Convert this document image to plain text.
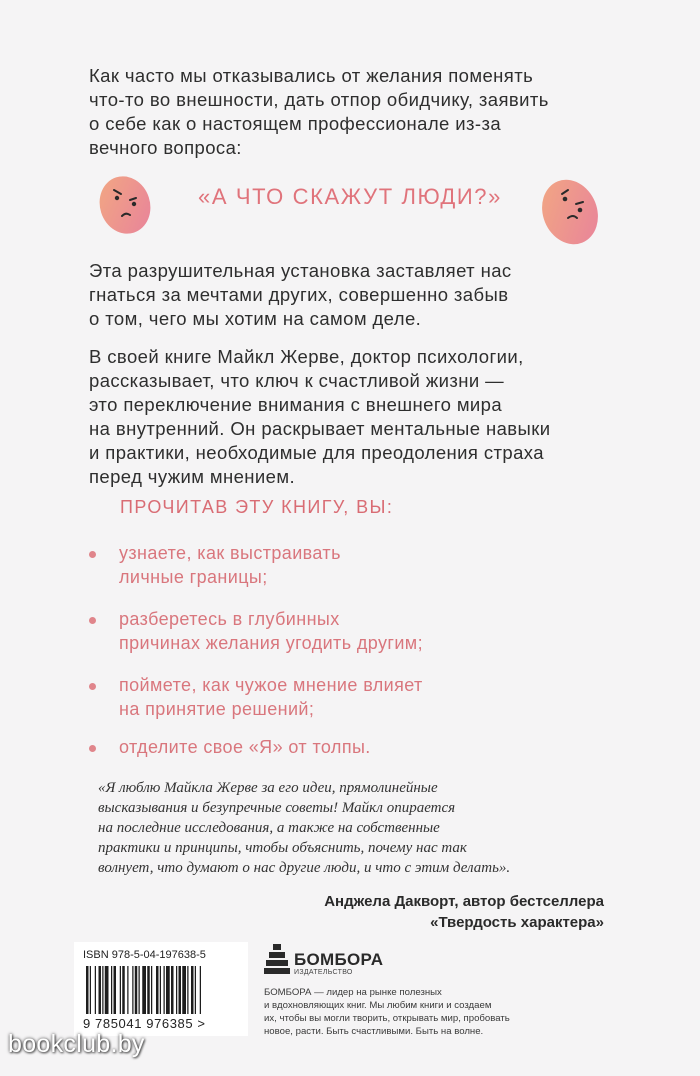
Как часто мы отказывались от желания поменять
что-то во внешности, дать отпор обидчику, заявить
о себе как о настоящем профессионале из-за
вечного вопроса:
«А ЧТО СКАЖУТ ЛЮДИ?»
Эта разрушительная установка заставляет нас
гнаться за мечтами других, совершенно забыв
о том, чего мы хотим на самом деле.
В своей книге Майкл Жерве, доктор психологии,
рассказывает, что ключ к счастливой жизни —
это переключение внимания с внешнего мира
на внутренний. Он раскрывает ментальные навыки
и практики, необходимые для преодоления страха
перед чужим мнением.
ПРОЧИТАВ ЭТУ КНИГУ, ВЫ:
узнаете, как выстраивать
личные границы;
разберетесь в глубинных
причинах желания угодить другим;
поймете, как чужое мнение влияет
на принятие решений;
отделите свое «Я» от толпы.
«Я люблю Майкла Жерве за его идеи, прямолинейные
высказывания и безупречные советы! Майкл опирается
на последние исследования, а также на собственные
практики и принципы, чтобы объяснить, почему нас так
волнует, что думают о нас другие люди, и что с этим делать».
Анджела Дакворт, автор бестселлера
«Твердость характера»
ISBN 978-5-04-197638-5
9 785041 976385 >
БОМБОРА
ИЗДАТЕЛЬСТВО
БОМБОРА — лидер на рынке полезных
и вдохновляющих книг. Мы любим книги и создаем
их, чтобы вы могли творить, открывать мир, пробовать
новое, расти. Быть счастливыми. Быть на волне.
bookclub.by
